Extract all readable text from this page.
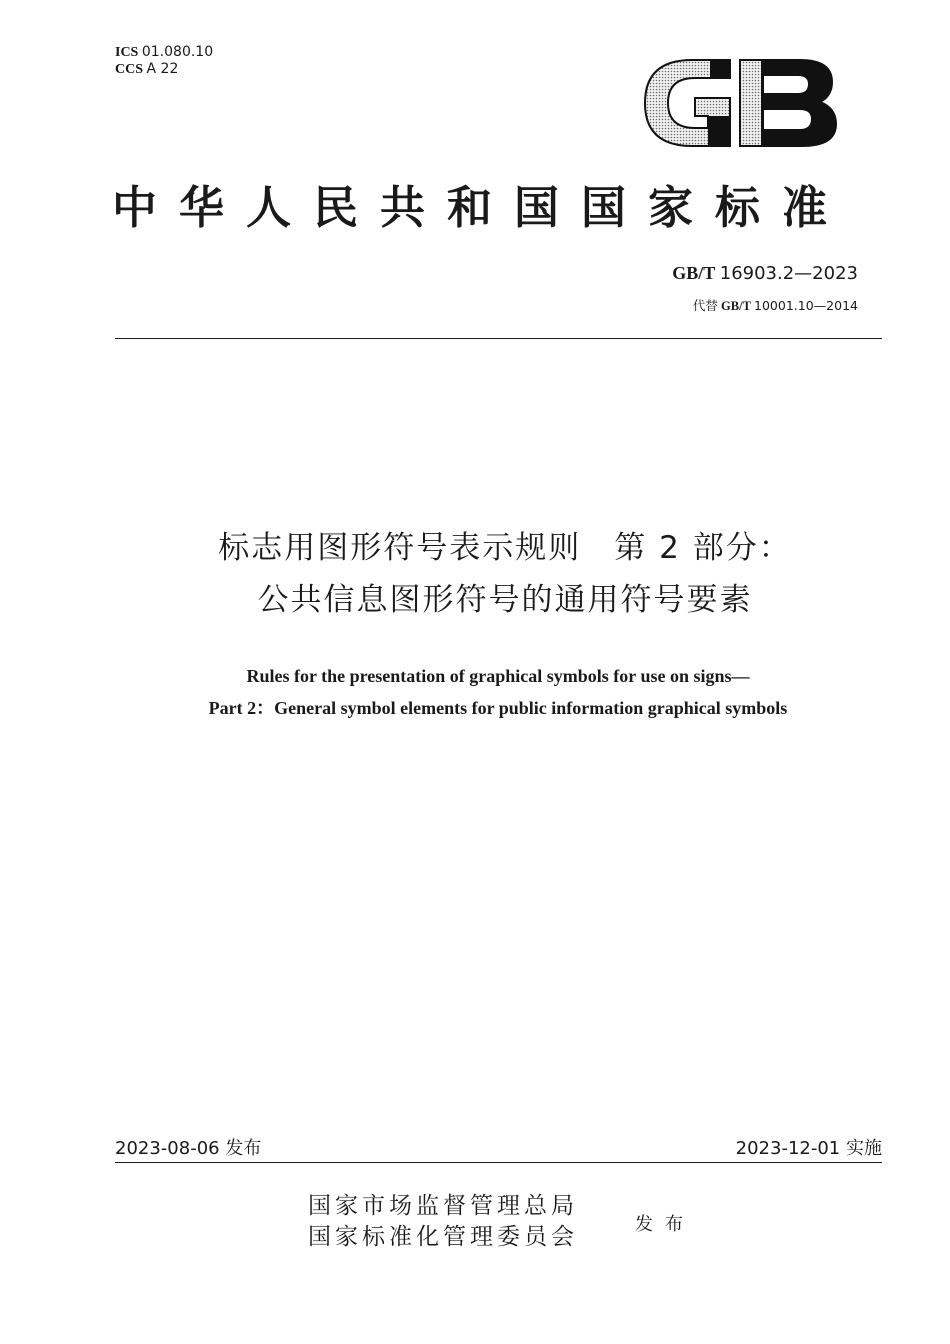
ICS 01.080.10
CCS A 22
GB
中华人民共和国国家标准
GB/T 16903.2—2023
代替 GB/T 10001.10—2014
标志用图形符号表示规则　第 2 部分：
公共信息图形符号的通用符号要素
Rules for the presentation of graphical symbols for use on signs—
Part 2：General symbol elements for public information graphical symbols
2023-08-06 发布	2023-12-01 实施
国家市场监督管理总局
国家标准化管理委员会	发布
